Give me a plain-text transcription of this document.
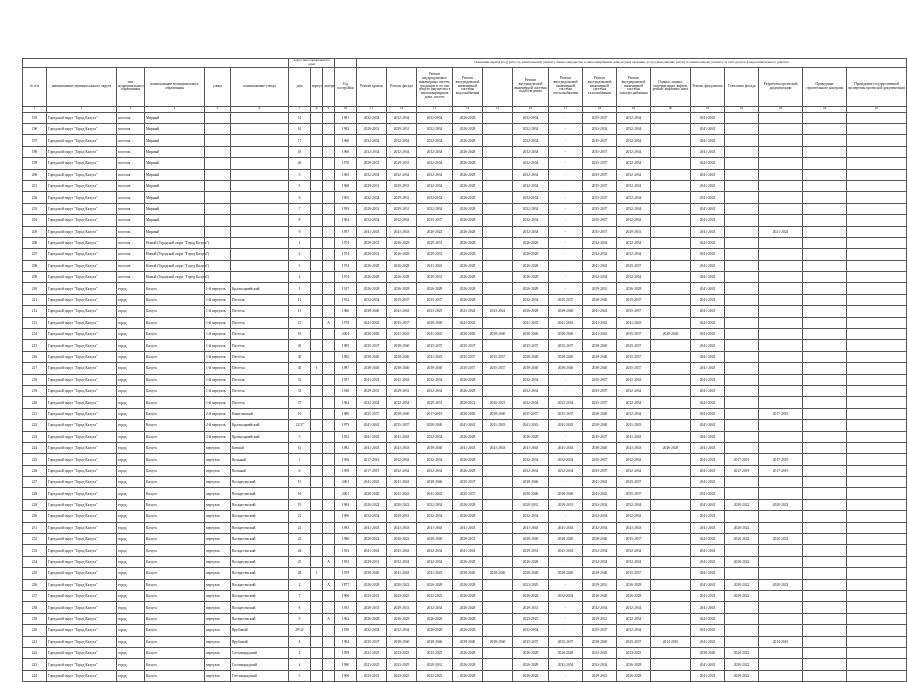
						Адрес многоквартирного дома				Плановый период (год) работ по капитальному ремонту общего имущества в многоквартирном доме и (или) оказанию услуг (выполнению работ) по капитальному ремонту за счёт средств фонда капитального ремонта														
№ п/п	наименование муниципального округа	тип муниципального образования	наименование муниципального образования	улица	наименование улицы	дом	корпус	литера	Год постройки	Ремонт кровли	Ремонт фасада	Ремонт внутридомовых инженерных систем, входящих в состав общего имущества в многоквартирном доме, систем	Ремонт внутридомовой инженерной системы водоснабжения		Ремонт внутридомовой инженерной системы водоотведения	Ремонт внутридомовой инженерной системы теплоснабжения	Ремонт внутридомовой инженерной системы газоснабжения	Ремонт внутридомовой инженерной системы электроснабжения	Оценка, замена, модернизация лифтов, ремонт лифтовых шахт	Ремонт фундамента	Утепление фасада	Разработка проектной документации	Проведение строительного контроля	Проведение государственной экспертизы проектной документации
1	2	3	4	5	6	7	8	9	10	11	12	13	14	15	16	17	18	19	20	21	22	23	24	25
195	Городской округ "Город Калуга"	поселок	Мирный			14			1981	2032-2034	2032-2034	2032-2034	2026-2028		2032-2034	-	2035-2037	2032-2034		2041-2043				
196	Городской округ "Город Калуга"	поселок	Мирный			16			1982	2029-2031	2029-2031	2032-2034	2026-2028		2032-2034	-	2032-2034	2032-2034		2041-2043				
197	Городской округ "Город Калуга"	поселок	Мирный			17			1968	2032-2034	2032-2034	2032-2034	2026-2028		2032-2034	-	2035-2037	2032-2034		2041-2043				
198	Городской округ "Город Калуга"	поселок	Мирный			18			1966	2032-2034	2032-2034	2032-2034	2026-2028		2032-2034	-	2035-2037	2032-2034		2041-2043				
199	Городской округ "Город Калуга"	поселок	Мирный			20			1970	2029-2031	2029-2031	2032-2034	2026-2028		2032-2034	-	2035-2037	2032-2034		2041-2043				
200	Городской округ "Город Калуга"	поселок	Мирный			3			1965	2032-2034	2032-2034	2032-2034	2026-2028		2032-2034	-	2035-2037	2032-2034		2041-2043				
201	Городской округ "Город Калуга"	поселок	Мирный			5			1968	2029-2031	2029-2031	2032-2034	2026-2028		2032-2034	-	2035-2037	2032-2034		2041-2043				
202	Городской округ "Город Калуга"	поселок	Мирный			6			1965	2032-2034	2029-2031	2032-2034	2026-2028		2032-2034	-	2035-2037	2032-2034		2041-2043				
203	Городской округ "Город Калуга"	поселок	Мирный			7			1959	2029-2031	2029-2031	2032-2034	2026-2028		2032-2034	-	2035-2037	2032-2034		2041-2043				
204	Городской округ "Город Калуга"	поселок	Мирный			8			1964	2032-2034	2032-2034	2035-2037	2026-2028		2032-2034	-	2035-2037	2032-2034		2041-2043				
205	Городской округ "Город Калуга"	поселок	Мирный			9			1957	2041-2043	2041-2043	2020-2022	2026-2028		2032-2034	-	2035-2037	2029-2031		2041-2043		2021-2022		
206	Городской округ "Город Калуга"	поселок	Новый (Городской округ "Город Калуга")			1			1974	2029-2031	2026-2028	2029-2031	2026-2028		2026-2028	-	2032-2034	2032-2034		2041-2043				
207	Городской округ "Город Калуга"	поселок	Новый (Городской округ "Город Калуга")			2			1974	2029-2031	2026-2028	2029-2031	2026-2028		2026-2028	-	2032-2034	2032-2034		2041-2043				
208	Городской округ "Город Калуга"	поселок	Новый (Городской округ "Город Калуга")			3			1974	2026-2028	2026-2028	2041-2043	2026-2028		2026-2028	-	2041-2043	2035-2037		2041-2043				
209	Городской округ "Город Калуга"	поселок	Новый (Городской округ "Город Калуга")			4			1974	2026-2028	2026-2028	2029-2031	2026-2028		2026-2028	-	2032-2034	2032-2034		2041-2043				
210	Городской округ "Город Калуга"	город	Калуга	1-й переулок	Красноармейский	1			1917	2026-2028	2026-2028	2026-2028	2026-2028		2026-2028	-	2029-2031	2026-2028		2041-2043				
211	Городской округ "Город Калуга"	город	Калуга	1-й переулок	Пестеля	11			1952	2032-2034	2035-2037	2035-2037	2026-2028		2032-2034	2035-2037	2038-2040	2035-2037		2041-2043				
212	Городской округ "Город Калуга"	город	Калуга	1-й переулок	Пестеля	13			1966	2038-2040	2041-2043	2023-2025	2023-2024	2023-2024	2026-2028	2038-2040	2041-2043	2035-2037		2041-2043				
213	Городской округ "Город Калуга"	город	Калуга	1-й переулок	Пестеля	15		А	1978	2041-2043	2035-2037	2038-2040	2041-2043		2041-2043	2041-2043	2041-2043	2041-2043		2041-2043				
214	Городской округ "Город Калуга"	город	Калуга	1-й переулок	Пестеля	16			2004	2038-2040	2041-2043	2041-2043	2038-2040	2038-2040	2038-2040	2038-2040	2041-2043	2035-2037	2038-2040	2041-2043				
215	Городской округ "Город Калуга"	город	Калуга	1-й переулок	Пестеля	29			1985	2035-2037	2038-2040	2035-2037	2035-2037		2035-2037	2035-2037	2038-2040	2035-2037		2041-2043				
216	Городской округ "Город Калуга"	город	Калуга	1-й переулок	Пестеля	30			1982	2038-2040	2038-2040	2041-2043	2035-2037	2035-2037	2038-2040	2038-2040	2038-2040	2035-2037		2041-2043				
217	Городской округ "Город Калуга"	город	Калуга	1-й переулок	Пестеля	30	1		1987	2038-2040	2038-2040	2038-2040	2035-2037	2035-2037	2038-2040	2038-2040	2038-2040	2035-2037		2041-2043				
218	Городской округ "Город Калуга"	город	Калуга	1-й переулок	Пестеля	31			1937	2041-2043	2041-2043	2032-2034	2026-2028		2032-2034	-	2035-2037	2041-2043		2041-2043				
219	Городской округ "Город Калуга"	город	Калуга	1-й переулок	Пестеля	33			1938	2029-2031	2029-2031	2032-2034	2026-2028		2032-2034	-	2035-2037	2032-2034		2041-2043				
220	Городской округ "Город Калуга"	город	Калуга	1-й переулок	Пестеля	37			1964	2032-2034	2032-2034	2029-2031	2020-2021	2020-2021	2032-2034	2032-2034	2035-2037	2032-2034		2041-2043				
221	Городской округ "Город Калуга"	город	Калуга	2-й переулок	Никитинский	10			1980	2035-2037	2038-2040	2017-2019	2038-2040	2038-2040	2035-2037	2035-2037	2038-2040	2032-2034		2041-2043		2017-2019		
222	Городской округ "Город Калуга"	город	Калуга	2-й переулок	Красноармейский	12/37			1979	2041-2043	2035-2037	2038-2040	2041-2043	2041-2043	2041-2043	2041-2043	2038-2040	2041-2043		2041-2043				
223	Городской округ "Город Калуга"	город	Калуга	2-й переулок	Красноармейский	3			1952	2041-2043	2041-2043	2032-2034	2026-2028		2026-2028	-	2035-2037	2041-2043		2041-2043				
224	Городской округ "Город Калуга"	город	Калуга	переулок	Битный	12			1982	2041-2043	2041-2043	2038-2040	2041-2043	2041-2043	2041-2043	2041-2043	2038-2040	2041-2043	2026-2028	2041-2043				
225	Городской округ "Город Калуга"	город	Калуга	переулок	Вольный	1			1956	2017-2019	2032-2034	2032-2034	2026-2028		2032-2034	2032-2034	2035-2037	2032-2034		2041-2043	2017-2019	2017-2019		
226	Городской округ "Город Калуга"	город	Калуга	переулок	Вольный	6			1959	2017-2019	2032-2034	2032-2034	2026-2028		2032-2034	2032-2034	2035-2037	2032-2034		2041-2043	2017-2019	2017-2019		
227	Городской округ "Город Калуга"	город	Калуга	переулок	Воскресенский	15			2001	2041-2043	2041-2043	2038-2040	2035-2037		2038-2040	-	2041-2043	2035-2037		2041-2043				
228	Городской округ "Город Калуга"	город	Калуга	переулок	Воскресенский	16			2001	2038-2040	2041-2043	2041-2043	2035-2037		2038-2040	2038-2040	2041-2043	2035-2037		2041-2043				
229	Городской округ "Город Калуга"	город	Калуга	переулок	Воскресенский	19			1984	2020-2022	2020-2022	2032-2034	2026-2028		2029-2031	2029-2031	2032-2034	2032-2034		2041-2043	2020-2022	2020-2022		
230	Городской округ "Город Калуга"	город	Калуга	переулок	Воскресенский	21			1990	2032-2034	2029-2031	2032-2034	2026-2028		2032-2034	-	2032-2034	2032-2034		2041-2043				
231	Городской округ "Город Калуга"	город	Калуга	переулок	Воскресенский	22			1983	2041-2043	2041-2043	2041-2043	2041-2043		2041-2043	2041-2043	2032-2034	2041-2043		2041-2043	2020-2022			
232	Городской округ "Город Калуга"	город	Калуга	переулок	Воскресенский	23			1986	2020-2022	2020-2022	2038-2040	2029-2031		2038-2040	2038-2040	2038-2040	2035-2037		2041-2043	2020-2022	2020-2022		
233	Городской округ "Город Калуга"	город	Калуга	переулок	Воскресенский	24			1953	2041-2043	2041-2043	2032-2034	2041-2043		2029-2031	2041-2043	2032-2034	2032-2034		2041-2043				
234	Городской округ "Город Калуга"	город	Калуга	переулок	Воскресенский	25		А	1953	2029-2031	2032-2034	2032-2034	2026-2028		2026-2028	-	2032-2034	2032-2034		2041-2043	2020-2022			
235	Городской округ "Город Калуга"	город	Калуга	переулок	Воскресенский	28	1		1979	2038-2040	2041-2043	2041-2043	2038-2040	2038-2040	2038-2040	2038-2040	2038-2040	2035-2037		2041-2043				
236	Городской округ "Город Калуга"	город	Калуга	переулок	Воскресенский	2		А	1877	2026-2028	2020-2022	2026-2028	2026-2028		2023-2025	-	2029-2031	2026-2028		2041-2043	2020-2022	2020-2022		
237	Городской округ "Город Калуга"	город	Калуга	переулок	Воскресенский	7			1906	2023-2025	2023-2025	2023-2025	2026-2028		2026-2028	2032-2034	2026-2028	2026-2028		2041-2043	2020-2022			
238	Городской округ "Город Калуга"	город	Калуга	переулок	Воскресенский	8			1955	2029-2031	2029-2031	2032-2034	2026-2028		2029-2031	-	2032-2034	2032-2034		2041-2043				
239	Городской округ "Город Калуга"	город	Калуга	переулок	Воскресенский	9		А	1962	2026-2028	2026-2028	2026-2028	2026-2028		2023-2025	-	2029-2031	2032-2034		2041-2043				
240	Городской округ "Город Калуга"	город	Калуга	переулок	Врубовый	29/32			1958	2032-2034	2032-2034	2026-2028	2026-2028		2032-2034	-	2035-2037	2032-2034		2041-2043				
241	Городской округ "Город Калуга"	город	Калуга	переулок	Врубовый	4			1982	2035-2037	2038-2040	2038-2040	2038-2040	2038-2040	2035-2037	2035-2037	2038-2040	2035-2037	2014-2016	2041-2043		2014-2016		
242	Городской округ "Город Калуга"	город	Калуга	переулок	Гостинорядский	2			1999	2023-2025	2023-2025	2023-2025	2026-2028		2026-2028	2026-2028	2023-2025	2023-2025		2038-2040	2020-2022			
243	Городской округ "Город Калуга"	город	Калуга	переулок	Гостинорядский	4			1990	2023-2025	2023-2025	2029-2031	2026-2028		2026-2028	2032-2034	2032-2034	2026-2028		2041-2043	2020-2022			
244	Городской округ "Город Калуга"	город	Калуга	переулок	Гостинорядский	5			1900	2023-2025	2023-2025	2023-2025	2026-2028		2026-2028	-	2029-2031	2026-2028		2041-2043	2020-2022			
